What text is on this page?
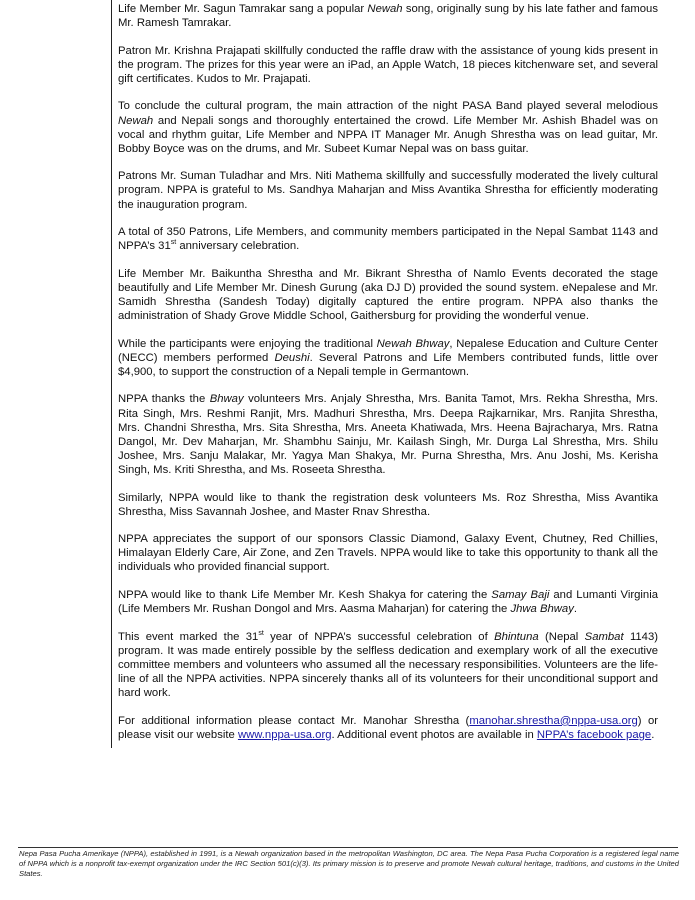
Life Member Mr. Sagun Tamrakar sang a popular Newah song, originally sung by his late father and famous Mr. Ramesh Tamrakar.

Patron Mr. Krishna Prajapati skillfully conducted the raffle draw with the assistance of young kids present in the program. The prizes for this year were an iPad, an Apple Watch, 18 pieces kitchenware set, and several gift certificates. Kudos to Mr. Prajapati.

To conclude the cultural program, the main attraction of the night PASA Band played several melodious Newah and Nepali songs and thoroughly entertained the crowd. Life Member Mr. Ashish Bhadel was on vocal and rhythm guitar, Life Member and NPPA IT Manager Mr. Anugh Shrestha was on lead guitar, Mr. Bobby Boyce was on the drums, and Mr. Subeet Kumar Nepal was on bass guitar.

Patrons Mr. Suman Tuladhar and Mrs. Niti Mathema skillfully and successfully moderated the lively cultural program. NPPA is grateful to Ms. Sandhya Maharjan and Miss Avantika Shrestha for efficiently moderating the inauguration program.

A total of 350 Patrons, Life Members, and community members participated in the Nepal Sambat 1143 and NPPA’s 31st anniversary celebration.

Life Member Mr. Baikuntha Shrestha and Mr. Bikrant Shrestha of Namlo Events decorated the stage beautifully and Life Member Mr. Dinesh Gurung (aka DJ D) provided the sound system. eNepalese and Mr. Samidh Shrestha (Sandesh Today) digitally captured the entire program. NPPA also thanks the administration of Shady Grove Middle School, Gaithersburg for providing the wonderful venue.

While the participants were enjoying the traditional Newah Bhway, Nepalese Education and Culture Center (NECC) members performed Deushi. Several Patrons and Life Members contributed funds, little over $4,900, to support the construction of a Nepali temple in Germantown.

NPPA thanks the Bhway volunteers Mrs. Anjaly Shrestha, Mrs. Banita Tamot, Mrs. Rekha Shrestha, Mrs. Rita Singh, Mrs. Reshmi Ranjit, Mrs. Madhuri Shrestha, Mrs. Deepa Rajkarnikar, Mrs. Ranjita Shrestha, Mrs. Chandni Shrestha, Mrs. Sita Shrestha, Mrs. Aneeta Khatiwada, Mrs. Heena Bajracharya, Mrs. Ratna Dangol, Mr. Dev Maharjan, Mr. Shambhu Sainju, Mr. Kailash Singh, Mr. Durga Lal Shrestha, Mrs. Shilu Joshee, Mrs. Sanju Malakar, Mr. Yagya Man Shakya, Mr. Purna Shrestha, Mrs. Anu Joshi, Ms. Kerisha Singh, Ms. Kriti Shrestha, and Ms. Roseeta Shrestha.

Similarly, NPPA would like to thank the registration desk volunteers Ms. Roz Shrestha, Miss Avantika Shrestha, Miss Savannah Joshee, and Master Rnav Shrestha.

NPPA appreciates the support of our sponsors Classic Diamond, Galaxy Event, Chutney, Red Chillies, Himalayan Elderly Care, Air Zone, and Zen Travels. NPPA would like to take this opportunity to thank all the individuals who provided financial support.

NPPA would like to thank Life Member Mr. Kesh Shakya for catering the Samay Baji and Lumanti Virginia (Life Members Mr. Rushan Dongol and Mrs. Aasma Maharjan) for catering the Jhwa Bhway.

This event marked the 31st year of NPPA’s successful celebration of Bhintuna (Nepal Sambat 1143) program. It was made entirely possible by the selfless dedication and exemplary work of all the executive committee members and volunteers who assumed all the necessary responsibilities. Volunteers are the life-line of all the NPPA activities. NPPA sincerely thanks all of its volunteers for their unconditional support and hard work.

For additional information please contact Mr. Manohar Shrestha (manohar.shrestha@nppa-usa.org) or please visit our website www.nppa-usa.org. Additional event photos are available in NPPA’s facebook page.

Nepa Pasa Pucha Amerikaye (NPPA), established in 1991, is a Newah organization based in the metropolitan Washington, DC area. The Nepa Pasa Pucha Corporation is a registered legal name of NPPA which is a nonprofit tax-exempt organization under the IRC Section 501(c)(3). Its primary mission is to preserve and promote Newah cultural heritage, traditions, and customs in the United States.
